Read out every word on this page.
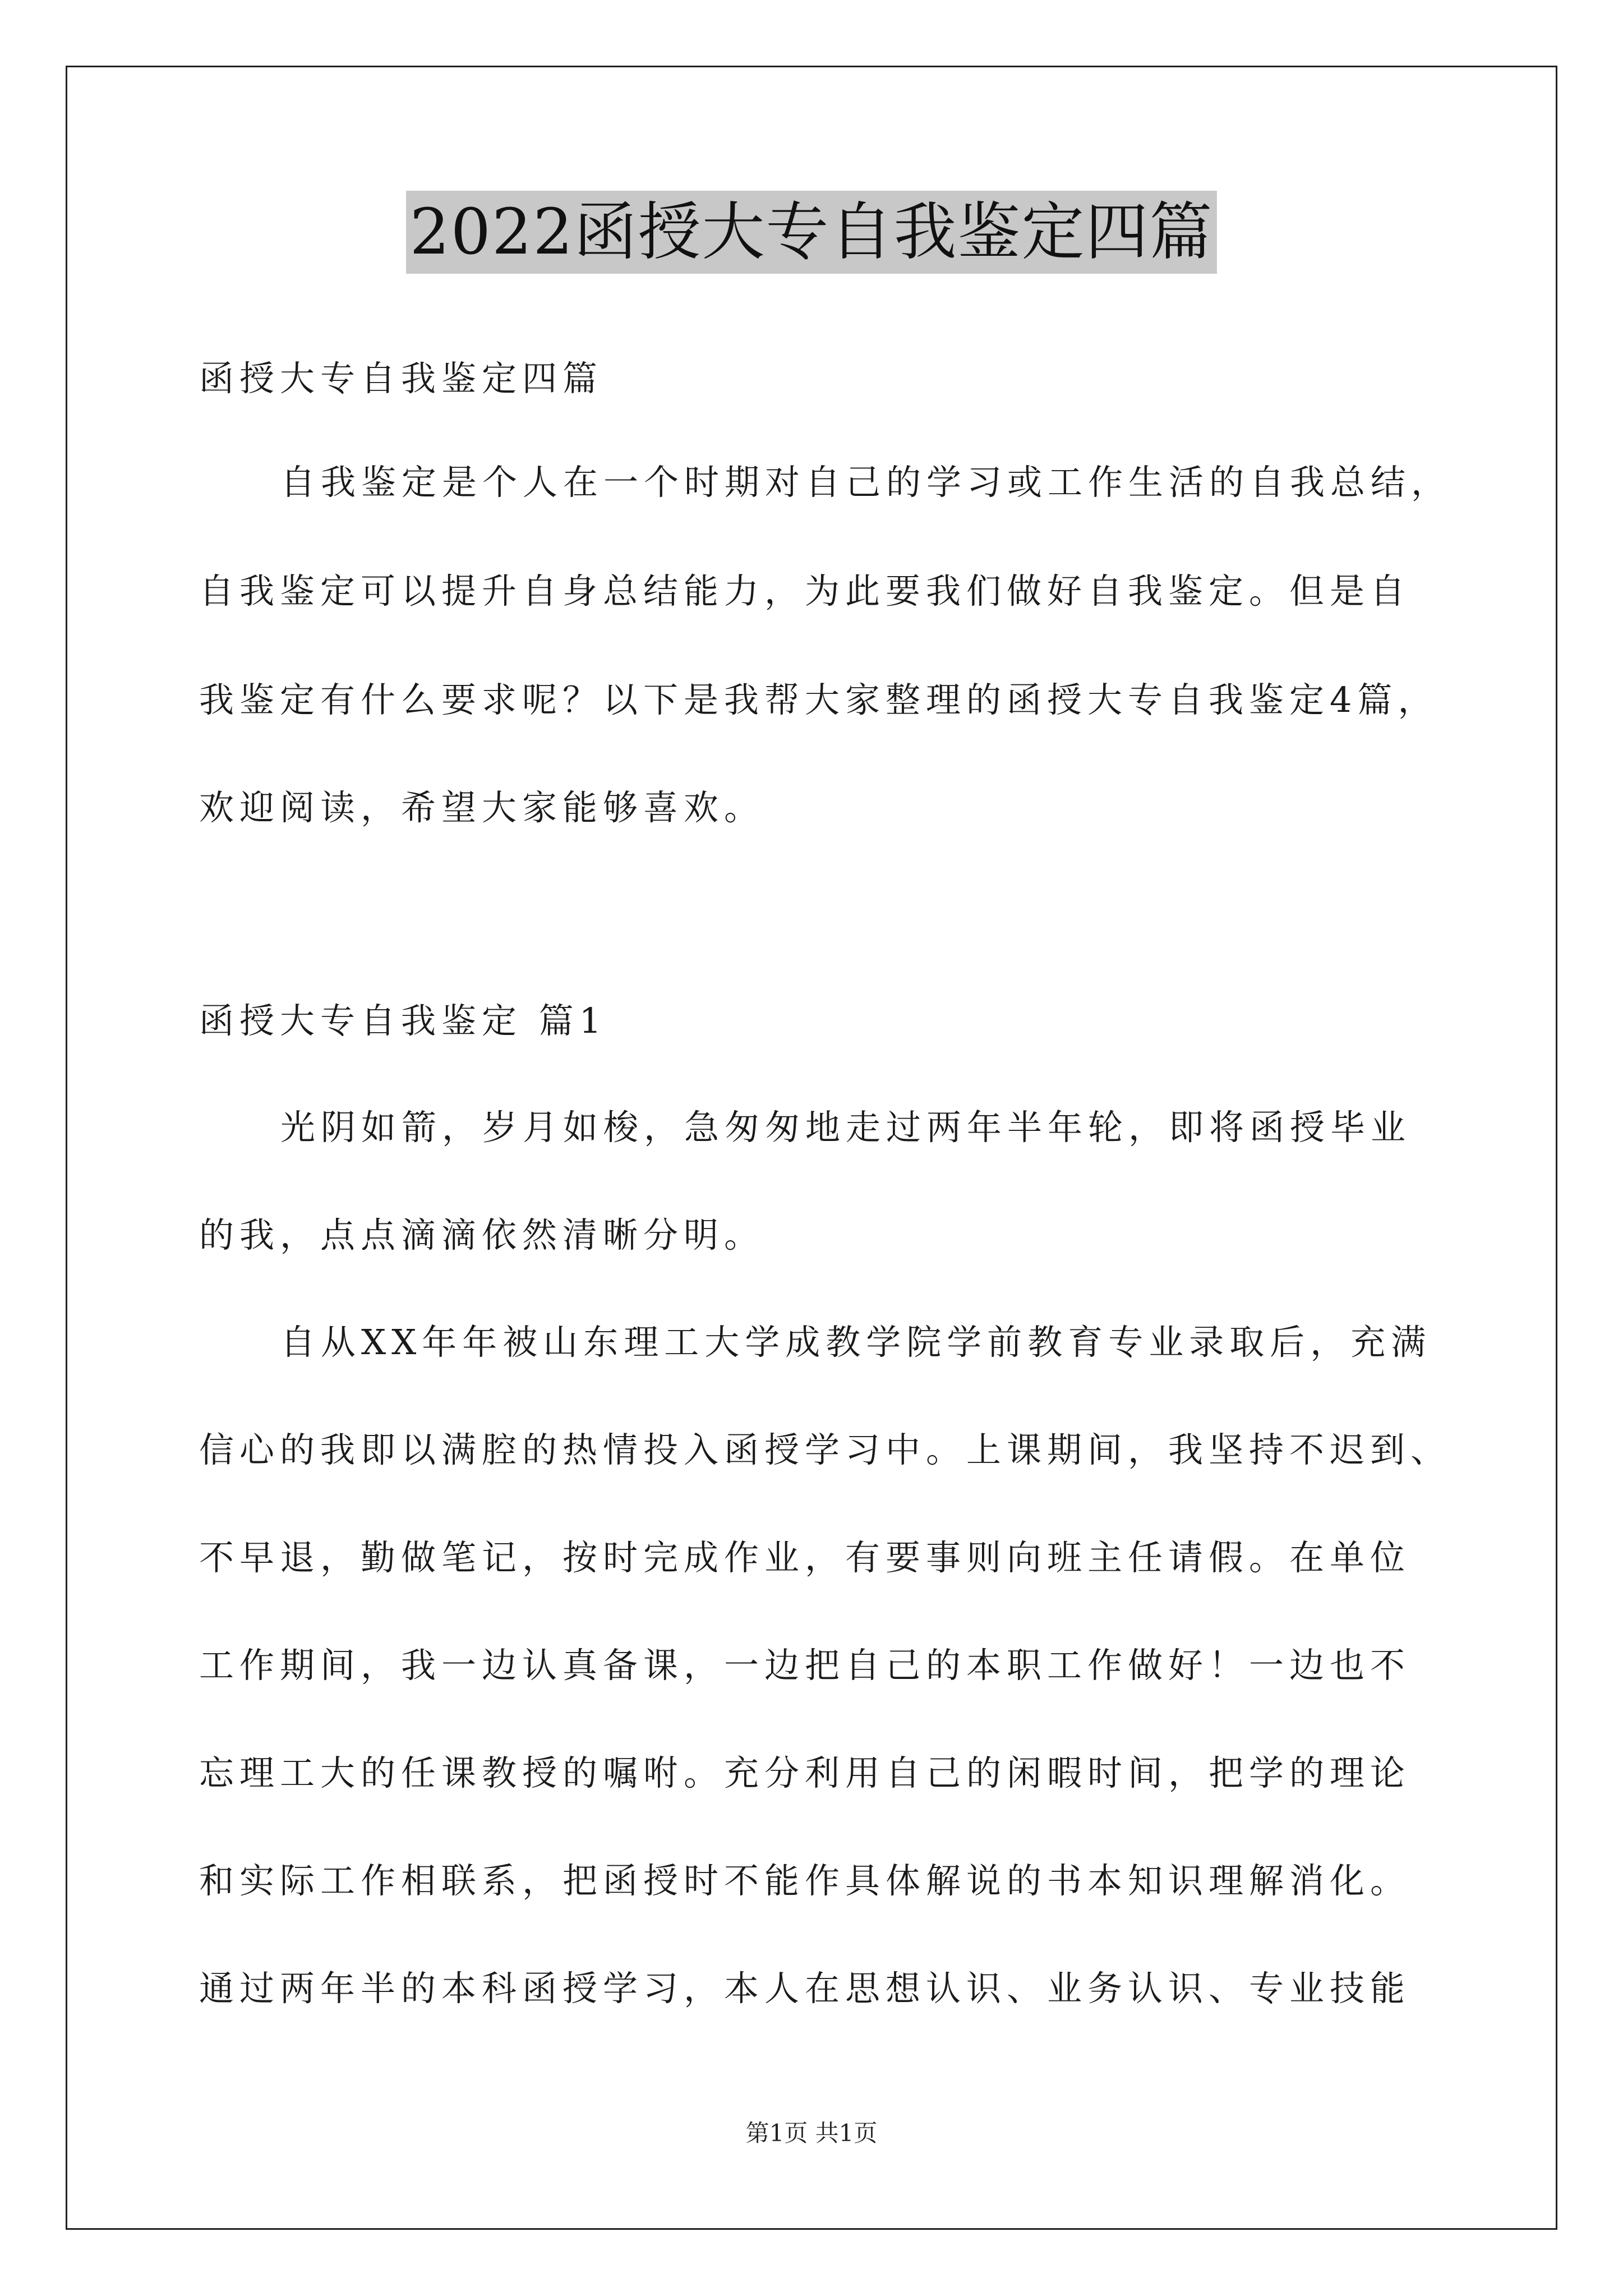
2022函授大专自我鉴定四篇
函授大专自我鉴定四篇
自我鉴定是个人在一个时期对自己的学习或工作生活的自我总结，
自我鉴定可以提升自身总结能力，为此要我们做好自我鉴定。但是自
我鉴定有什么要求呢？以下是我帮大家整理的函授大专自我鉴定4篇，
欢迎阅读，希望大家能够喜欢。
函授大专自我鉴定 篇1
光阴如箭，岁月如梭，急匆匆地走过两年半年轮，即将函授毕业
的我，点点滴滴依然清晰分明。
自从XX年年被山东理工大学成教学院学前教育专业录取后，充满
信心的我即以满腔的热情投入函授学习中。上课期间，我坚持不迟到、
不早退，勤做笔记，按时完成作业，有要事则向班主任请假。在单位
工作期间，我一边认真备课，一边把自己的本职工作做好！一边也不
忘理工大的任课教授的嘱咐。充分利用自己的闲暇时间，把学的理论
和实际工作相联系，把函授时不能作具体解说的书本知识理解消化。
通过两年半的本科函授学习，本人在思想认识、业务认识、专业技能
第1页 共1页
